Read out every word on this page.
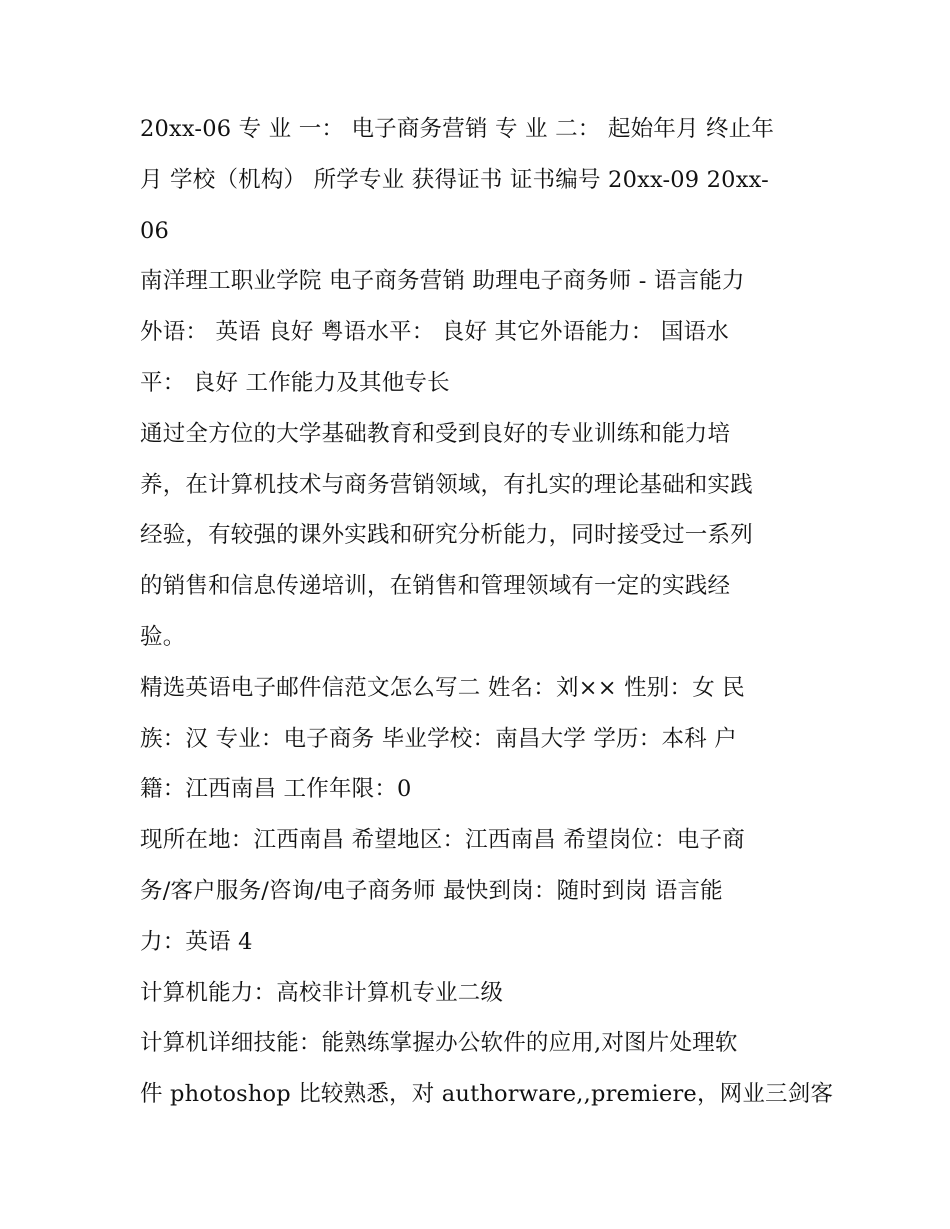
20xx-06 专 业 一： 电子商务营销 专 业 二： 起始年月 终止年
月 学校（机构） 所学专业 获得证书 证书编号 20xx-09 20xx-
06
南洋理工职业学院 电子商务营销 助理电子商务师 - 语言能力
外语： 英语 良好 粤语水平： 良好 其它外语能力： 国语水
平： 良好 工作能力及其他专长
通过全方位的大学基础教育和受到良好的专业训练和能力培
养，在计算机技术与商务营销领域，有扎实的理论基础和实践
经验，有较强的课外实践和研究分析能力，同时接受过一系列
的销售和信息传递培训，在销售和管理领域有一定的实践经
验。
精选英语电子邮件信范文怎么写二 姓名：刘×× 性别：女 民
族：汉 专业：电子商务 毕业学校：南昌大学 学历：本科 户
籍：江西南昌 工作年限：0
现所在地：江西南昌 希望地区：江西南昌 希望岗位：电子商
务/客户服务/咨询/电子商务师 最快到岗：随时到岗 语言能
力：英语 4
计算机能力：高校非计算机专业二级
计算机详细技能：能熟练掌握办公软件的应用,对图片处理软
件 photoshop 比较熟悉，对 authorware,,premiere，网业三剑客
